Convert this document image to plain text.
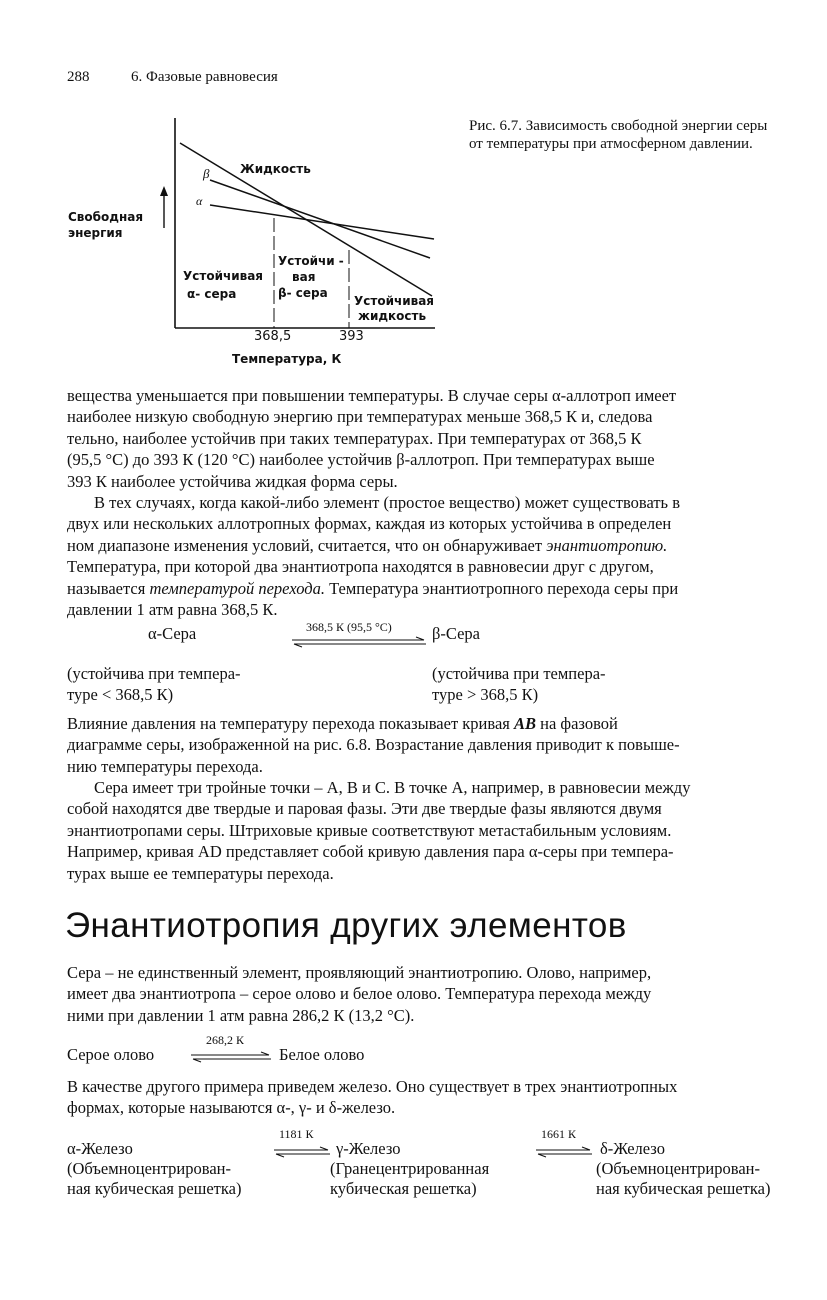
288	6. Фазовые равновесия
Свободная
энергия
Жидкость
β
α
Устойчивая
α- сера
Устойчи -
вая
β- сера
Устойчивая
жидкость
368,5	393
Температура, К
Рис. 6.7. Зависимость свободной энергии серы
от температуры при атмосферном давлении.
вещества уменьшается при повышении температуры. В случае серы α-аллотроп имеет
наиболее низкую свободную энергию при температурах меньше 368,5 К и, следова
тельно, наиболее устойчив при таких температурах. При температурах от 368,5 К
(95,5 °С) до 393 К (120 °С) наиболее устойчив β-аллотроп. При температурах выше
393 К наиболее устойчива жидкая форма серы.
В тех случаях, когда какой-либо элемент (простое вещество) может существовать в
двух или нескольких аллотропных формах, каждая из которых устойчива в определен
ном диапазоне изменения условий, считается, что он обнаруживает энантиотропию.
Температура, при которой два энантиотропа находятся в равновесии друг с другом,
называется температурой перехода. Температура энантиотропного перехода серы при
давлении 1 атм равна 368,5 К.
α-Сера	368,5 К (95,5 °С) β-Сера
(устойчива при темпера-
туре < 368,5 К)
(устойчива при темпера-
туре > 368,5 К)
Влияние давления на температуру перехода показывает кривая АВ на фазовой
диаграмме серы, изображенной на рис. 6.8. Возрастание давления приводит к повыше-
нию температуры перехода.
Сера имеет три тройные точки – А, В и С. В точке А, например, в равновесии между
собой находятся две твердые и паровая фазы. Эти две твердые фазы являются двумя
энантиотропами серы. Штриховые кривые соответствуют метастабильным условиям.
Например, кривая AD представляет собой кривую давления пара α-серы при темпера-
турах выше ее температуры перехода.
Энантиотропия других элементов
Сера – не единственный элемент, проявляющий энантиотропию. Олово, например,
имеет два энантиотропа – серое олово и белое олово. Температура перехода между
ними при давлении 1 атм равна 286,2 К (13,2 °С).
Серое олово
268,2 К
Белое олово
В качестве другого примера приведем железо. Оно существует в трех энантиотропных
формах, которые называются α-, γ- и δ-железо.
α-Железо
(Объемноцентрирован-
ная кубическая решетка)
1181 К
⇌ γ-Железо
(Гранецентрированная
кубическая решетка)
1661 К
⇌ δ-Железо
(Объемноцентрирован-
ная кубическая решетка)
